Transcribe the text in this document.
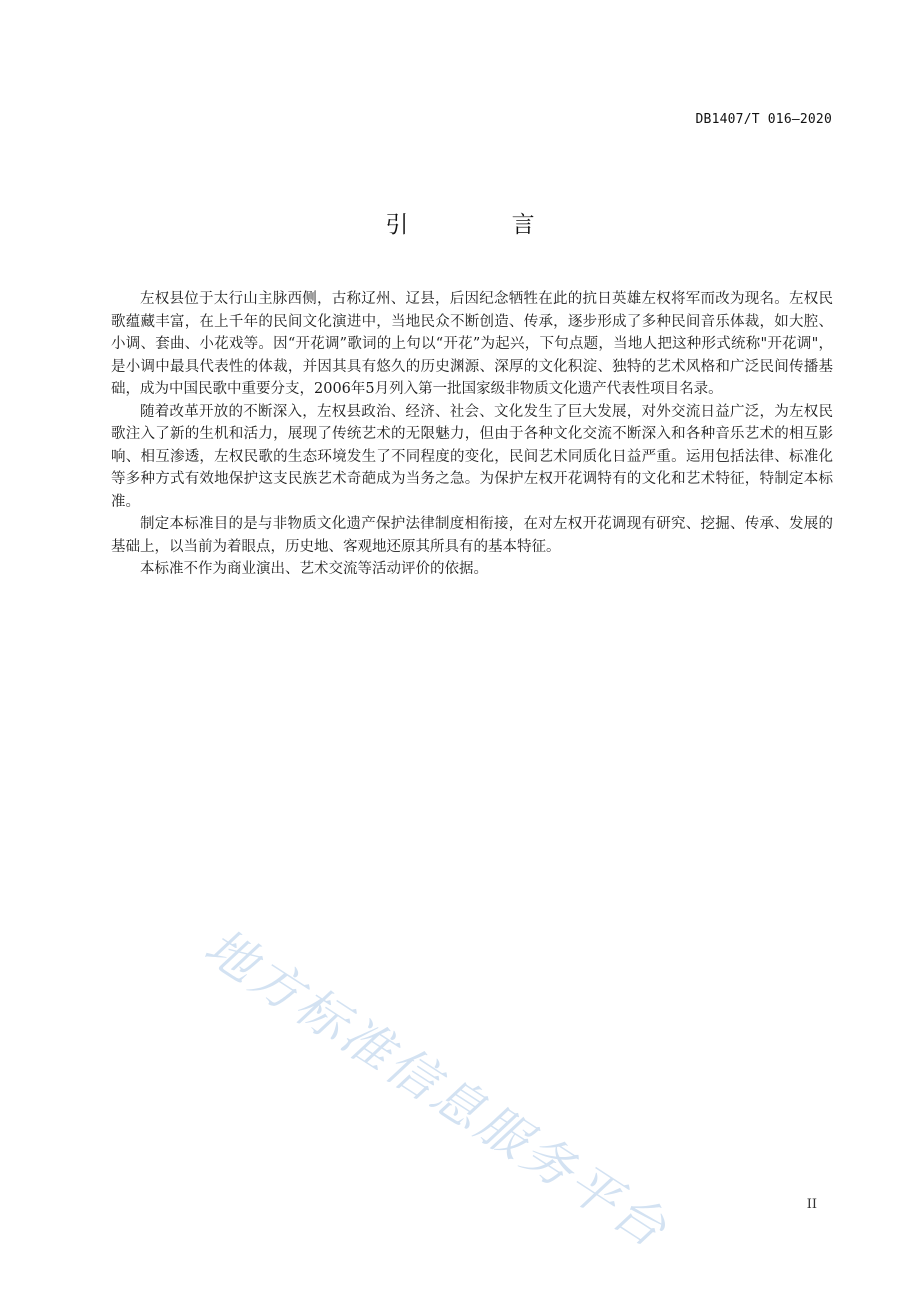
DB1407/T 016—2020
引 言

左权县位于太行山主脉西侧，古称辽州、辽县，后因纪念牺牲在此的抗日英雄左权将军而改为现名。左权民歌蕴藏丰富，在上千年的民间文化演进中，当地民众不断创造、传承，逐步形成了多种民间音乐体裁，如大腔、小调、套曲、小花戏等。因“开花调”歌词的上句以“开花”为起兴，下句点题，当地人把这种形式统称"开花调"，是小调中最具代表性的体裁，并因其具有悠久的历史渊源、深厚的文化积淀、独特的艺术风格和广泛民间传播基础，成为中国民歌中重要分支，2006年5月列入第一批国家级非物质文化遗产代表性项目名录。

随着改革开放的不断深入，左权县政治、经济、社会、文化发生了巨大发展，对外交流日益广泛，为左权民歌注入了新的生机和活力，展现了传统艺术的无限魅力，但由于各种文化交流不断深入和各种音乐艺术的相互影响、相互渗透，左权民歌的生态环境发生了不同程度的变化，民间艺术同质化日益严重。运用包括法律、标准化等多种方式有效地保护这支民族艺术奇葩成为当务之急。为保护左权开花调特有的文化和艺术特征，特制定本标准。

制定本标准目的是与非物质文化遗产保护法律制度相衔接，在对左权开花调现有研究、挖掘、传承、发展的基础上，以当前为着眼点，历史地、客观地还原其所具有的基本特征。

本标准不作为商业演出、艺术交流等活动评价的依据。

地方标准信息服务平台	II
